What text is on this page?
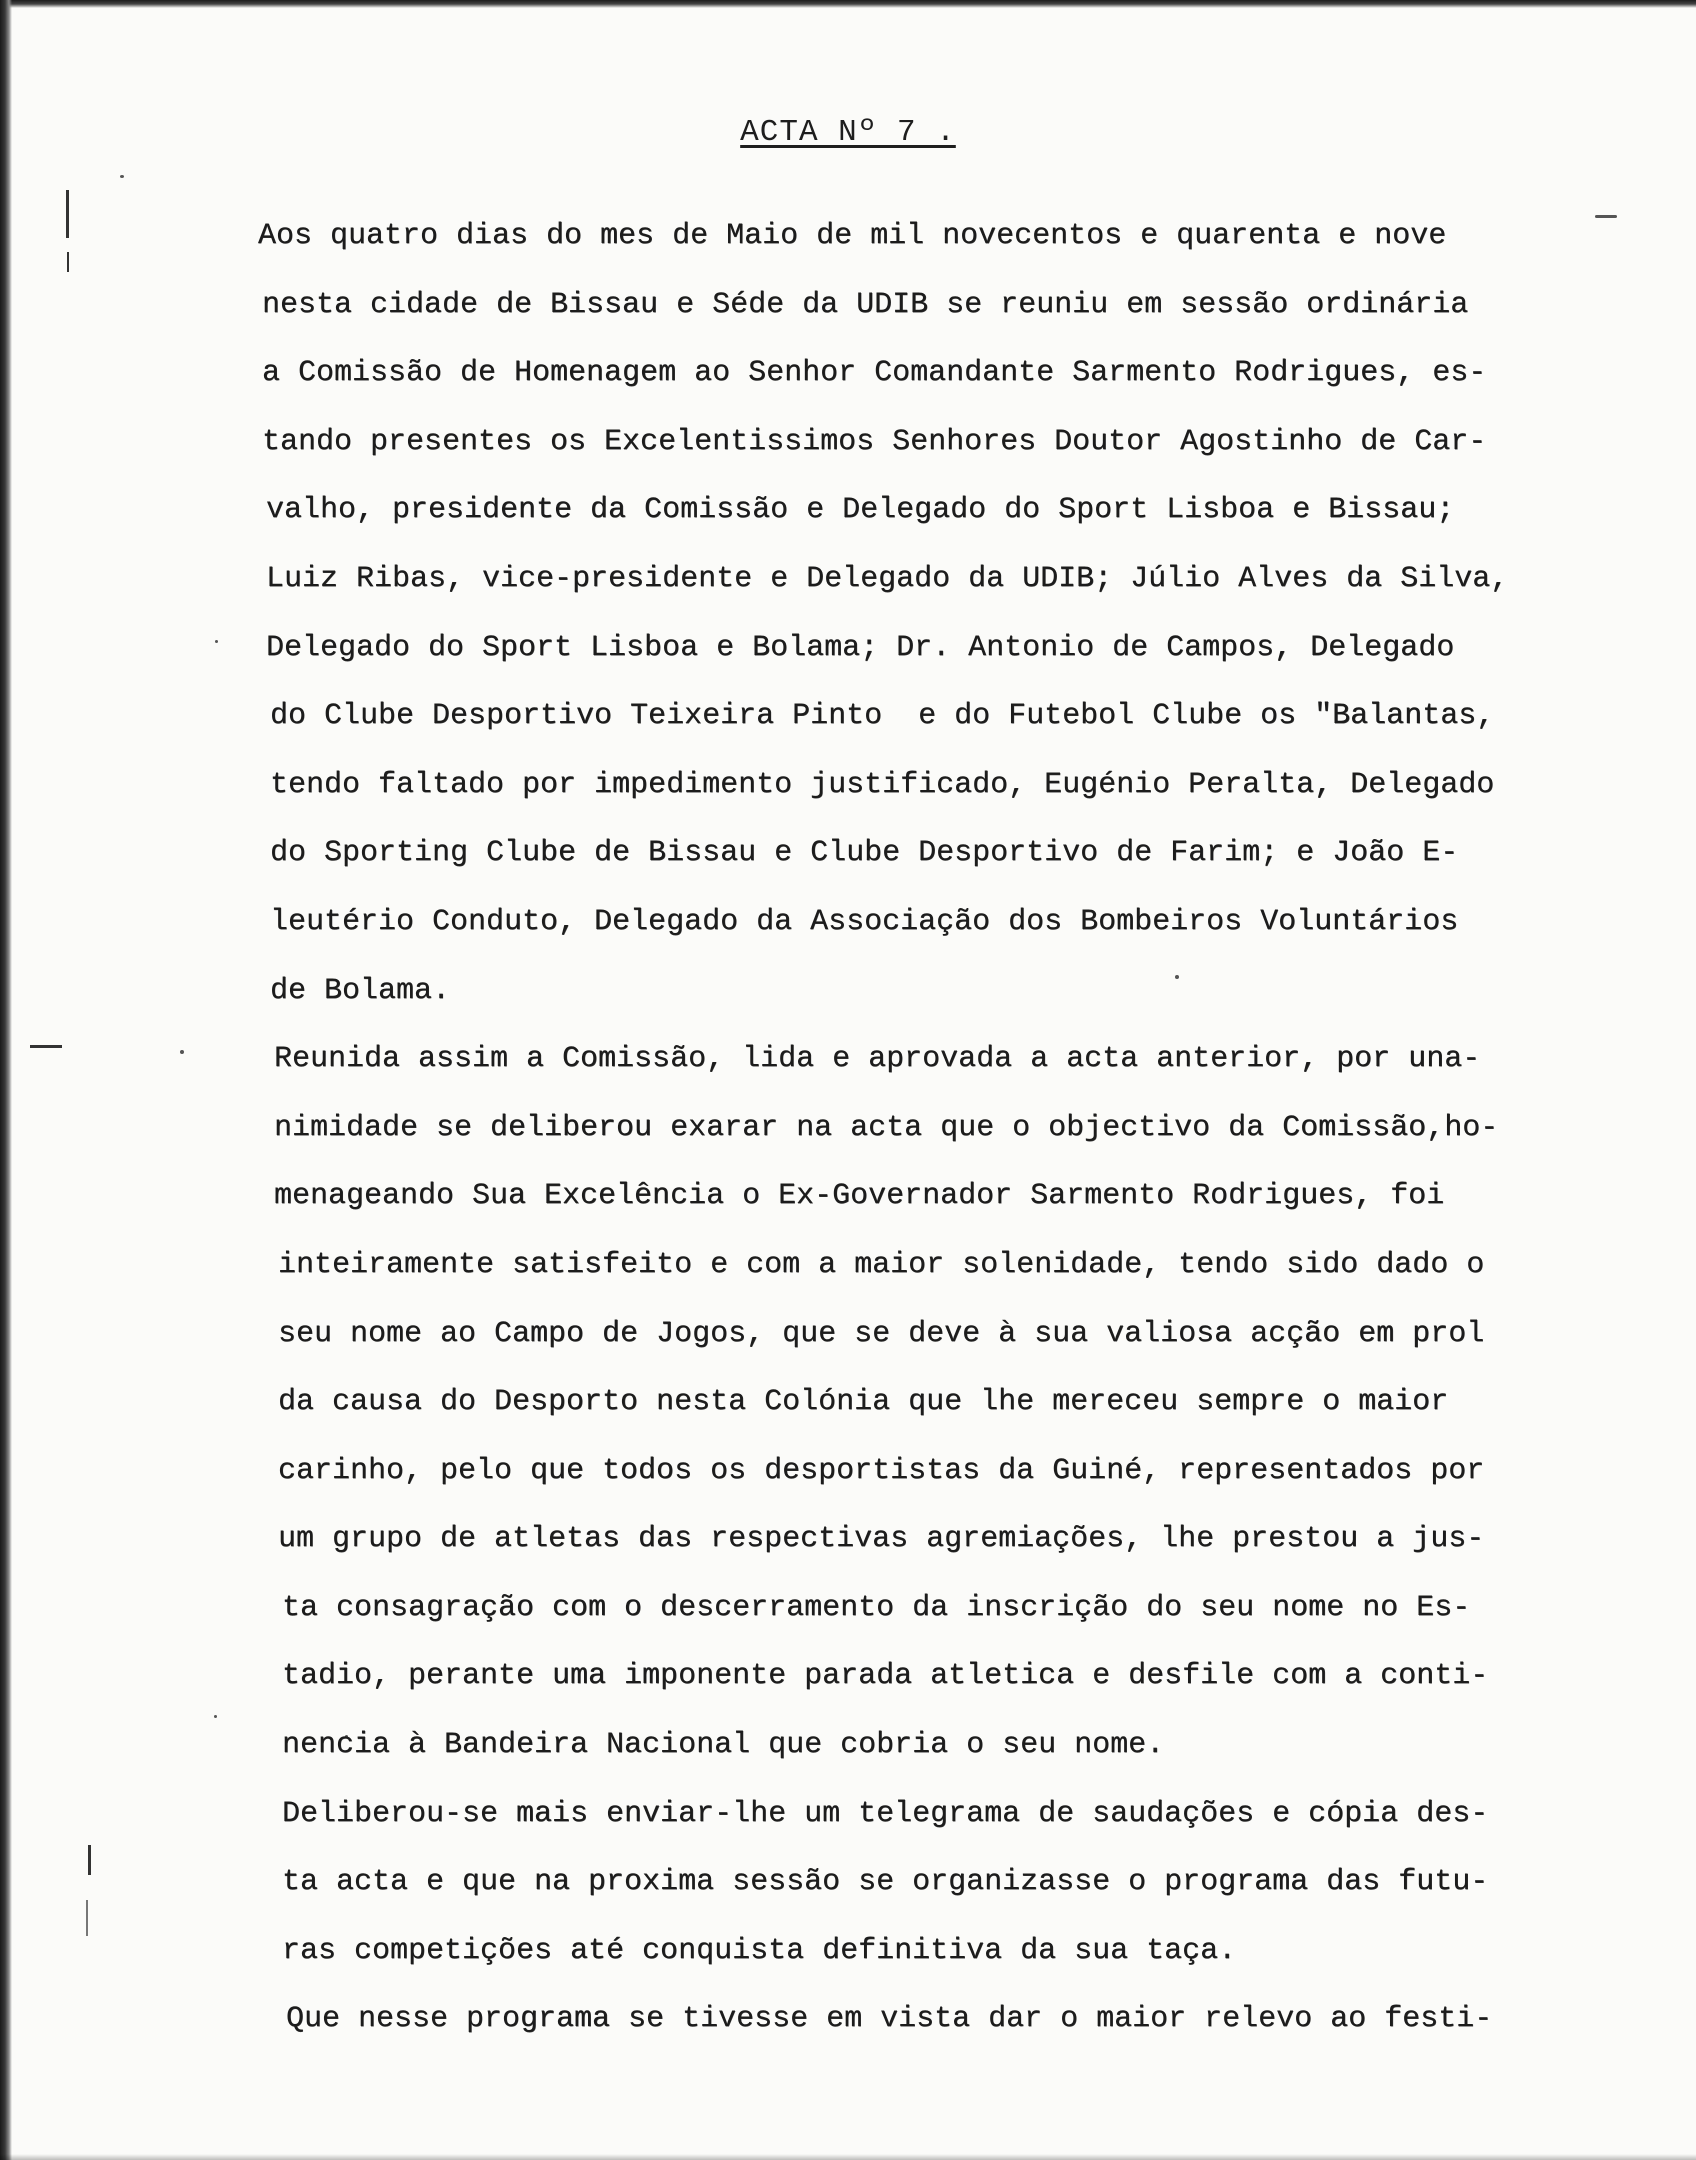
ACTA Nº 7 .
Aos quatro dias do mes de Maio de mil novecentos e quarenta e nove
nesta cidade de Bissau e Séde da UDIB se reuniu em sessão ordinária
a Comissão de Homenagem ao Senhor Comandante Sarmento Rodrigues, es-
tando presentes os Excelentissimos Senhores Doutor Agostinho de Car-
valho, presidente da Comissão e Delegado do Sport Lisboa e Bissau;
Luiz Ribas, vice-presidente e Delegado da UDIB; Júlio Alves da Silva,
Delegado do Sport Lisboa e Bolama; Dr. Antonio de Campos, Delegado
do Clube Desportivo Teixeira Pinto  e do Futebol Clube os "Balantas,
tendo faltado por impedimento justificado, Eugénio Peralta, Delegado
do Sporting Clube de Bissau e Clube Desportivo de Farim; e João E-
leutério Conduto, Delegado da Associação dos Bombeiros Voluntários
de Bolama.
Reunida assim a Comissão, lida e aprovada a acta anterior, por una-
nimidade se deliberou exarar na acta que o objectivo da Comissão,ho-
menageando Sua Excelência o Ex-Governador Sarmento Rodrigues, foi
inteiramente satisfeito e com a maior solenidade, tendo sido dado o
seu nome ao Campo de Jogos, que se deve à sua valiosa acção em prol
da causa do Desporto nesta Colónia que lhe mereceu sempre o maior
carinho, pelo que todos os desportistas da Guiné, representados por
um grupo de atletas das respectivas agremiações, lhe prestou a jus-
ta consagração com o descerramento da inscrição do seu nome no Es-
tadio, perante uma imponente parada atletica e desfile com a conti-
nencia à Bandeira Nacional que cobria o seu nome.
Deliberou-se mais enviar-lhe um telegrama de saudações e cópia des-
ta acta e que na proxima sessão se organizasse o programa das futu-
ras competições até conquista definitiva da sua taça.
Que nesse programa se tivesse em vista dar o maior relevo ao festi-
